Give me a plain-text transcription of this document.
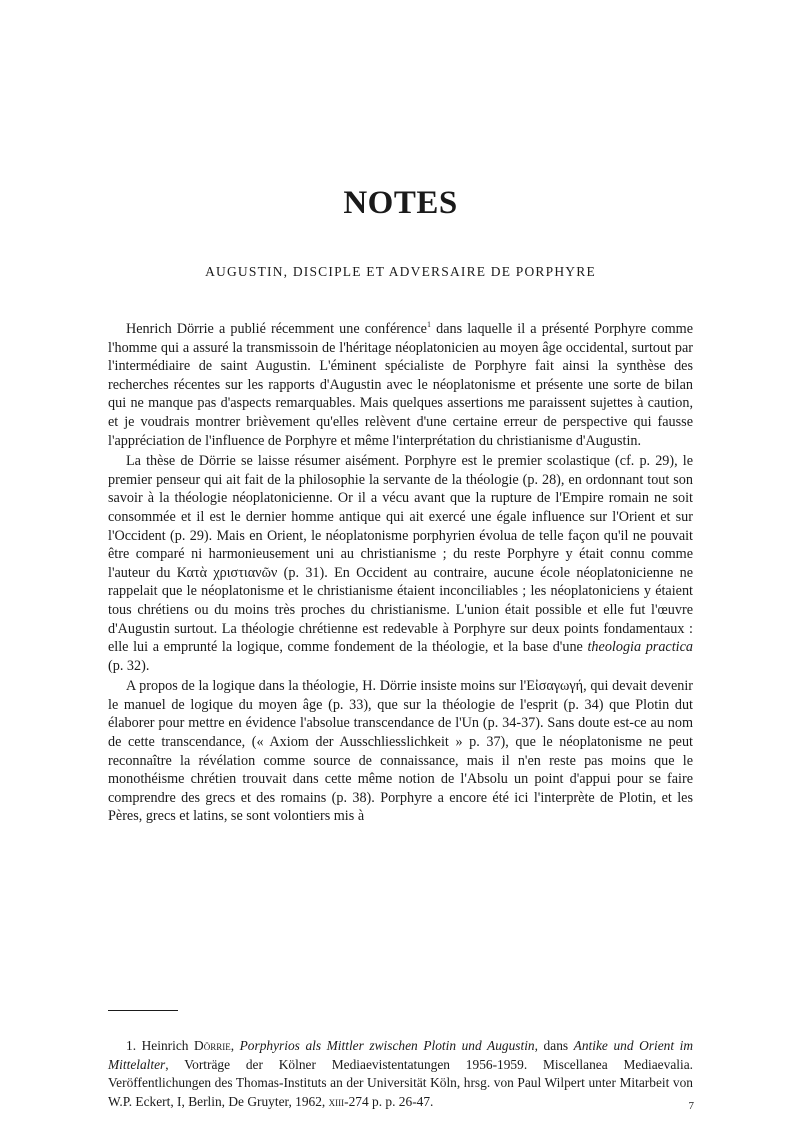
NOTES
AUGUSTIN, DISCIPLE ET ADVERSAIRE DE PORPHYRE

Henrich Dörrie a publié récemment une conférence$^1$ dans laquelle il a présenté Porphyre comme l'homme qui a assuré la transmissoin de l'héritage néoplatonicien au moyen âge occidental, surtout par l'intermédiaire de saint Augustin. L'éminent spécialiste de Porphyre fait ainsi la synthèse des recherches récentes sur les rapports d'Augustin avec le néoplatonisme et présente une sorte de bilan qui ne manque pas d'aspects remarquables. Mais quelques assertions me paraissent sujettes à caution, et je voudrais montrer brièvement qu'elles relèvent d'une certaine erreur de perspective qui fausse l'appréciation de l'influence de Porphyre et même l'interprétation du christianisme d'Augustin.

La thèse de Dörrie se laisse résumer aisément. Porphyre est le premier scolastique (cf. p. 29), le premier penseur qui ait fait de la philosophie la servante de la théologie (p. 28), en ordonnant tout son savoir à la théologie néoplatonicienne. Or il a vécu avant que la rupture de l'Empire romain ne soit consommée et il est le dernier homme antique qui ait exercé une égale influence sur l'Orient et sur l'Occident (p. 29). Mais en Orient, le néoplatonisme porphyrien évolua de telle façon qu'il ne pouvait être comparé ni harmonieusement uni au christianisme ; du reste Porphyre y était connu comme l'auteur du Κατὰ χριστιανῶν (p. 31). En Occident au contraire, aucune école néoplatonicienne ne rappelait que le néoplatonisme et le christianisme étaient inconciliables ; les néoplatoniciens y étaient tous chrétiens ou du moins très proches du christianisme. L'union était possible et elle fut l'œuvre d'Augustin surtout. La théologie chrétienne est redevable à Porphyre sur deux points fondamentaux : elle lui a emprunté la logique, comme fondement de la théologie, et la base d'une theologia practica (p. 32).

A propos de la logique dans la théologie, H. Dörrie insiste moins sur l'Εἰσαγωγή, qui devait devenir le manuel de logique du moyen âge (p. 33), que sur la théologie de l'esprit (p. 34) que Plotin dut élaborer pour mettre en évidence l'absolue transcendance de l'Un (p. 34-37). Sans doute est-ce au nom de cette transcendance, (« Axiom der Ausschliesslichkeit » p. 37), que le néoplatonisme ne peut reconnaître la révélation comme source de connaissance, mais il n'en reste pas moins que le monothéisme chrétien trouvait dans cette même notion de l'Absolu un point d'appui pour se faire comprendre des grecs et des romains (p. 38). Porphyre a encore été ici l'interprète de Plotin, et les Pères, grecs et latins, se sont volontiers mis à

1. Heinrich Dörrie, Porphyrios als Mittler zwischen Plotin und Augustin, dans Antike und Orient im Mittelalter, Vorträge der Kölner Mediaevistentatungen 1956-1959. Miscellanea Mediaevalia. Veröffentlichungen des Thomas-Instituts an der Universität Köln, hrsg. von Paul Wilpert unter Mitarbeit von W.P. Eckert, I, Berlin, De Gruyter, 1962, xiii-274 p. p. 26-47.	7
